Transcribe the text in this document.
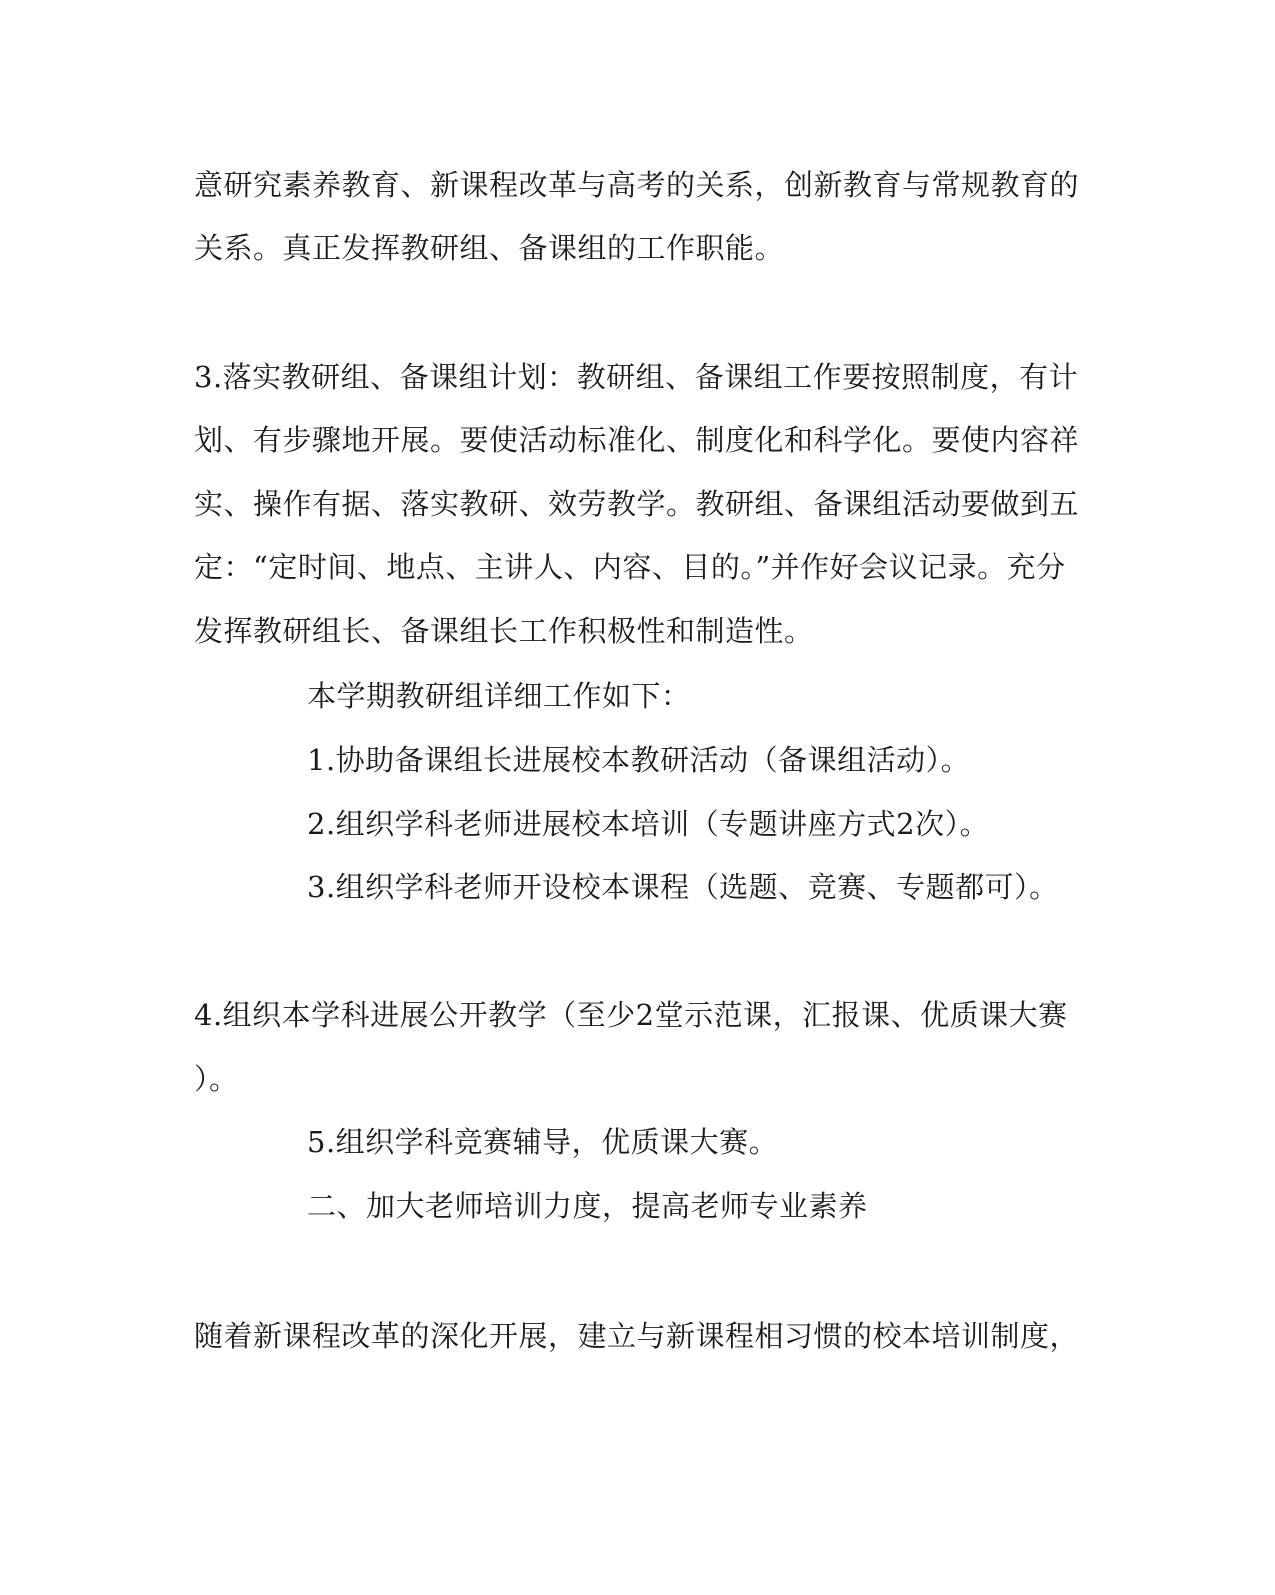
意研究素养教育、新课程改革与高考的关系，创新教育与常规教育的
关系。真正发挥教研组、备课组的工作职能。
3.落实教研组、备课组计划：教研组、备课组工作要按照制度，有计
划、有步骤地开展。要使活动标准化、制度化和科学化。要使内容祥
实、操作有据、落实教研、效劳教学。教研组、备课组活动要做到五
定：“定时间、地点、主讲人、内容、目的。”并作好会议记录。充分
发挥教研组长、备课组长工作积极性和制造性。
本学期教研组详细工作如下：
1.协助备课组长进展校本教研活动（备课组活动）。
2.组织学科老师进展校本培训（专题讲座方式2次）。
3.组织学科老师开设校本课程（选题、竞赛、专题都可）。
4.组织本学科进展公开教学（至少2堂示范课，汇报课、优质课大赛
）。
5.组织学科竞赛辅导，优质课大赛。
二、加大老师培训力度，提高老师专业素养
随着新课程改革的深化开展，建立与新课程相习惯的校本培训制度，
